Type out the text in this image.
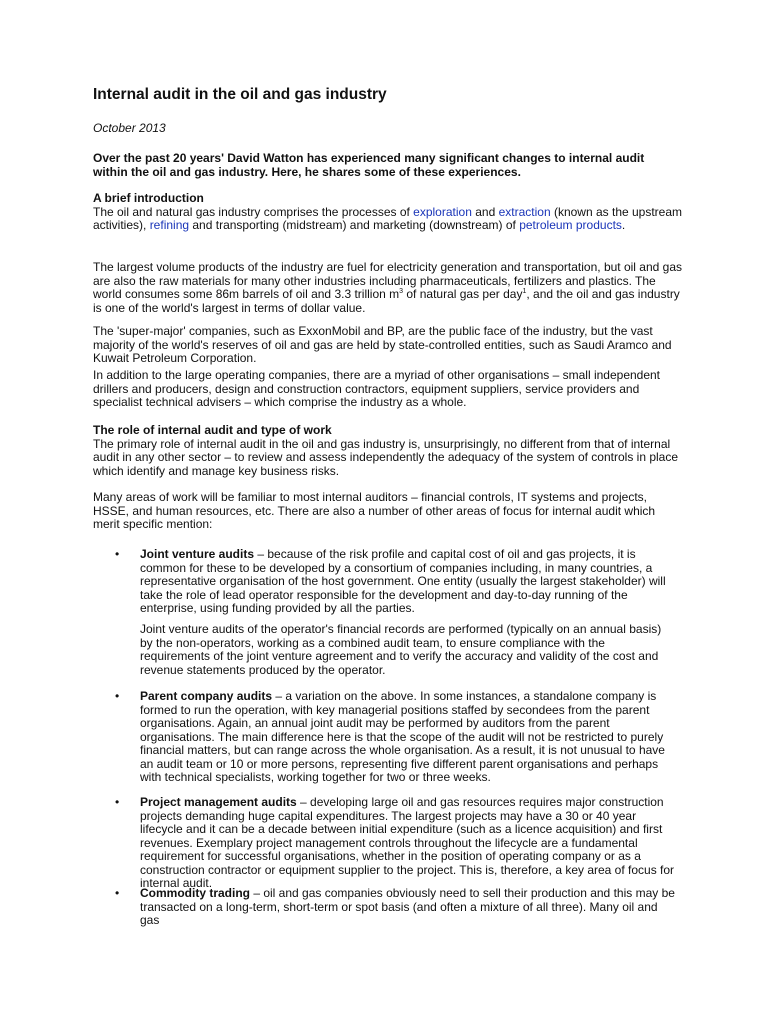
Internal audit in the oil and gas industry
October 2013

Over the past 20 years' David Watton has experienced many significant changes to internal audit within the oil and gas industry. Here, he shares some of these experiences.

A brief introduction
The oil and natural gas industry comprises the processes of exploration and extraction (known as the upstream activities), refining and transporting (midstream) and marketing (downstream) of petroleum products.

The largest volume products of the industry are fuel for electricity generation and transportation, but oil and gas are also the raw materials for many other industries including pharmaceuticals, fertilizers and plastics. The world consumes some 86m barrels of oil and 3.3 trillion $m^3$ of natural gas per day$^1$, and the oil and gas industry is one of the world's largest in terms of dollar value.

The 'super-major' companies, such as ExxonMobil and BP, are the public face of the industry, but the vast majority of the world's reserves of oil and gas are held by state-controlled entities, such as Saudi Aramco and Kuwait Petroleum Corporation.

In addition to the large operating companies, there are a myriad of other organisations – small independent drillers and producers, design and construction contractors, equipment suppliers, service providers and specialist technical advisers – which comprise the industry as a whole.

The role of internal audit and type of work
The primary role of internal audit in the oil and gas industry is, unsurprisingly, no different from that of internal audit in any other sector – to review and assess independently the adequacy of the system of controls in place which identify and manage key business risks.

Many areas of work will be familiar to most internal auditors – financial controls, IT systems and projects, HSSE, and human resources, etc. There are also a number of other areas of focus for internal audit which merit specific mention:

• Joint venture audits – because of the risk profile and capital cost of oil and gas projects, it is common for these to be developed by a consortium of companies including, in many countries, a representative organisation of the host government. One entity (usually the largest stakeholder) will take the role of lead operator responsible for the development and day-to-day running of the enterprise, using funding provided by all the parties.

Joint venture audits of the operator's financial records are performed (typically on an annual basis) by the non-operators, working as a combined audit team, to ensure compliance with the requirements of the joint venture agreement and to verify the accuracy and validity of the cost and revenue statements produced by the operator.

• Parent company audits – a variation on the above. In some instances, a standalone company is formed to run the operation, with key managerial positions staffed by secondees from the parent organisations. Again, an annual joint audit may be performed by auditors from the parent organisations. The main difference here is that the scope of the audit will not be restricted to purely financial matters, but can range across the whole organisation. As a result, it is not unusual to have an audit team or 10 or more persons, representing five different parent organisations and perhaps with technical specialists, working together for two or three weeks.
• Project management audits – developing large oil and gas resources requires major construction projects demanding huge capital expenditures. The largest projects may have a 30 or 40 year lifecycle and it can be a decade between initial expenditure (such as a licence acquisition) and first revenues. Exemplary project management controls throughout the lifecycle are a fundamental requirement for successful organisations, whether in the position of operating company or as a construction contractor or equipment supplier to the project. This is, therefore, a key area of focus for internal audit.
• Commodity trading – oil and gas companies obviously need to sell their production and this may be transacted on a long-term, short-term or spot basis (and often a mixture of all three). Many oil and gas
